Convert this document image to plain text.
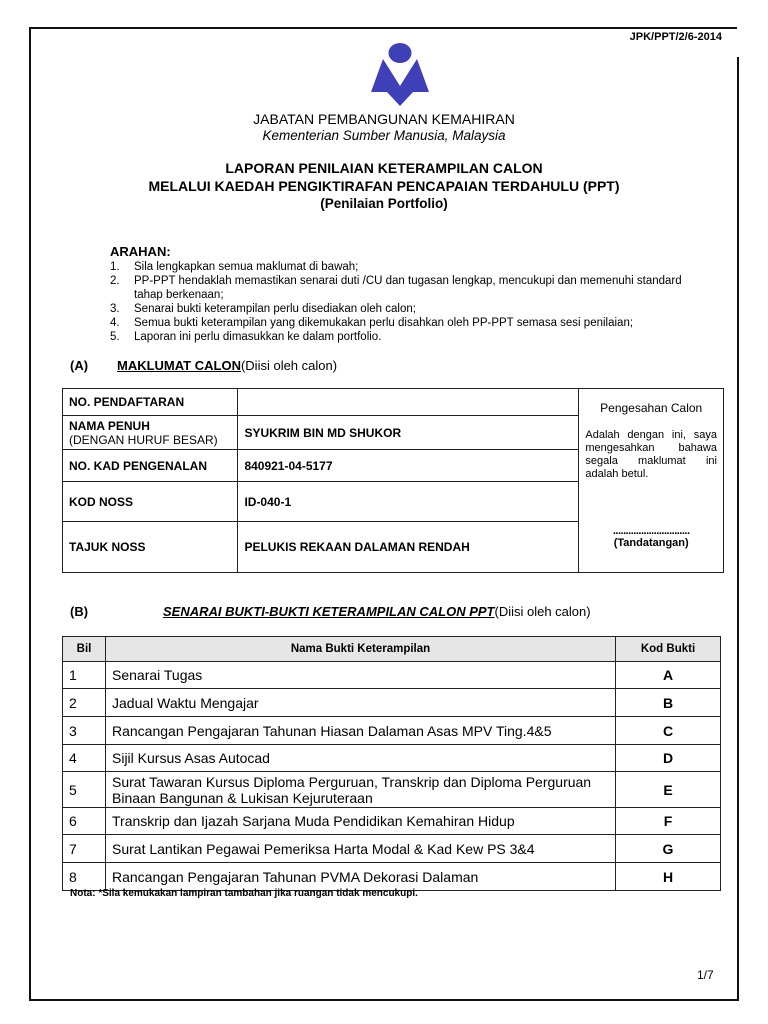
JPK/PPT/2/6-2014
JABATAN PEMBANGUNAN KEMAHIRAN
Kementerian Sumber Manusia, Malaysia
LAPORAN PENILAIAN KETERAMPILAN CALON
MELALUI KAEDAH PENGIKTIRAFAN PENCAPAIAN TERDAHULU (PPT)
(Penilaian Portfolio)
ARAHAN:
1.	Sila lengkapkan semua maklumat di bawah;
2.	PP-PPT hendaklah memastikan senarai duti /CU dan tugasan lengkap, mencukupi dan memenuhi standard tahap berkenaan;
3.	Senarai bukti keterampilan perlu disediakan oleh calon;
4.	Semua bukti keterampilan yang dikemukakan perlu disahkan oleh PP-PPT semasa sesi penilaian;
5.	Laporan ini perlu dimasukkan ke dalam portfolio.
(A) MAKLUMAT CALON(Diisi oleh calon)
NO. PENDAFTARAN		Pengesahan Calon
Adalah dengan ini, saya mengesahkan bahawa segala maklumat ini adalah betul.
..............................
(Tandatangan)

NAMA PENUH
(DENGAN HURUF BESAR)	SYUKRIM BIN MD SHUKOR	
NO. KAD PENGENALAN	840921-04-5177	
KOD NOSS	ID-040-1	
TAJUK NOSS	PELUKIS REKAAN DALAMAN RENDAH	
(B)	SENARAI BUKTI-BUKTI KETERAMPILAN CALON PPT(Diisi oleh calon)
Bil	Nama Bukti Keterampilan	Kod Bukti
1	Senarai Tugas	A
2	Jadual Waktu Mengajar	B
3	Rancangan Pengajaran Tahunan Hiasan Dalaman Asas MPV Ting.4&5	C
4	Sijil Kursus Asas Autocad	D
5	Surat Tawaran Kursus Diploma Perguruan, Transkrip dan Diploma Perguruan Binaan Bangunan & Lukisan Kejuruteraan	E
6	Transkrip dan Ijazah Sarjana Muda Pendidikan Kemahiran Hidup	F
7	Surat Lantikan Pegawai Pemeriksa Harta Modal & Kad Kew PS 3&4	G
8	Rancangan Pengajaran Tahunan PVMA Dekorasi Dalaman	H
Nota: *Sila kemukakan lampiran tambahan jika ruangan tidak mencukupi.
1/7
